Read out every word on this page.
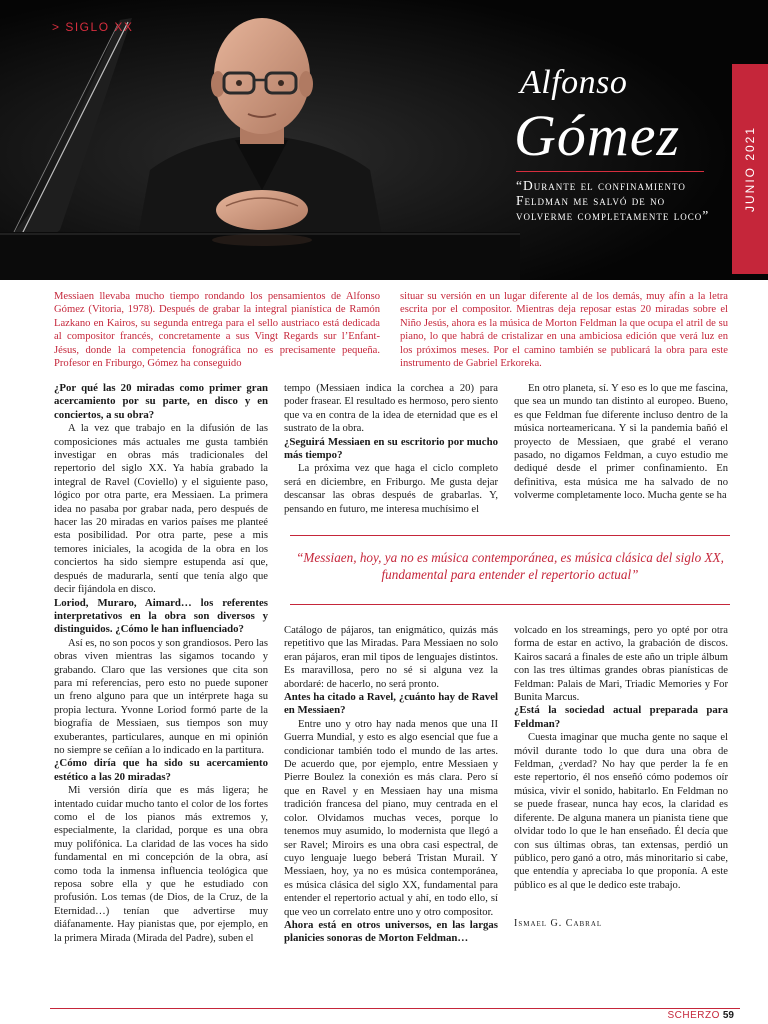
> SIGLO XX
Alfonso
Gómez
“Durante el confinamiento Feldman me salvó de no volverme completamente loco”
JUNIO 2021

Messiaen llevaba mucho tiempo rondando los pensamientos de Alfonso Gómez (Vitoria, 1978). Después de grabar la integral pianística de Ramón Lazkano en Kairos, su segunda entrega para el sello austriaco está dedicada al compositor francés, concretamente a sus Vingt Regards sur l’Enfant-Jésus, donde la competencia fonográfica no es precisamente pequeña. Profesor en Friburgo, Gómez ha conseguido

situar su versión en un lugar diferente al de los demás, muy afín a la letra escrita por el compositor. Mientras deja reposar estas 20 miradas sobre el Niño Jesús, ahora es la música de Morton Feldman la que ocupa el atril de su piano, lo que habrá de cristalizar en una ambiciosa edición que verá luz en los próximos meses. Por el camino también se publicará la obra para este instrumento de Gabriel Erkoreka.

¿Por qué las 20 miradas como primer gran acercamiento por su parte, en disco y en conciertos, a su obra?

A la vez que trabajo en la difusión de las composiciones más actuales me gusta también investigar en obras más tradicionales del repertorio del siglo XX. Ya había grabado la integral de Ravel (Coviello) y el siguiente paso, lógico por otra parte, era Messiaen. La primera idea no pasaba por grabar nada, pero después de hacer las 20 miradas en varios países me planteé esta posibilidad. Por otra parte, pese a mis temores iniciales, la acogida de la obra en los conciertos ha sido siempre estupenda así que, después de madurarla, sentí que tenía algo que decir fijándola en disco.

Loriod, Muraro, Aimard… los referentes interpretativos en la obra son diversos y distinguidos. ¿Cómo le han influenciado?

Así es, no son pocos y son grandiosos. Pero las obras viven mientras las sigamos tocando y grabando. Claro que las versiones que cita son para mí referencias, pero esto no puede suponer un freno alguno para que un intérprete haga su propia lectura. Yvonne Loriod formó parte de la biografía de Messiaen, sus tiempos son muy exuberantes, particulares, aunque en mi opinión no siempre se ceñían a lo indicado en la partitura.

¿Cómo diría que ha sido su acercamiento estético a las 20 miradas?

Mi versión diría que es más ligera; he intentado cuidar mucho tanto el color de los fortes como el de los pianos más extremos y, especialmente, la claridad, porque es una obra muy polifónica. La claridad de las voces ha sido fundamental en mi concepción de la obra, así como toda la inmensa influencia teológica que reposa sobre ella y que he estudiado con profusión. Los temas (de Dios, de la Cruz, de la Eternidad…) tenían que advertirse muy diáfanamente. Hay pianistas que, por ejemplo, en la primera Mirada (Mirada del Padre), suben el

tempo (Messiaen indica la corchea a 20) para poder frasear. El resultado es hermoso, pero siento que va en contra de la idea de eternidad que es el sustrato de la obra.

¿Seguirá Messiaen en su escritorio por mucho más tiempo?

La próxima vez que haga el ciclo completo será en diciembre, en Friburgo. Me gusta dejar descansar las obras después de grabarlas. Y, pensando en futuro, me interesa muchísimo el

En otro planeta, sí. Y eso es lo que me fascina, que sea un mundo tan distinto al europeo. Bueno, es que Feldman fue diferente incluso dentro de la música norteamericana. Y si la pandemia bañó el proyecto de Messiaen, que grabé el verano pasado, no digamos Feldman, a cuyo estudio me dediqué desde el primer confinamiento. En definitiva, esta música me ha salvado de no volverme completamente loco. Mucha gente se ha

“Messiaen, hoy, ya no es música contemporánea, es música clásica del siglo XX, fundamental para entender el repertorio actual”

Catálogo de pájaros, tan enigmático, quizás más repetitivo que las Miradas. Para Messiaen no solo eran pájaros, eran mil tipos de lenguajes distintos. Es maravillosa, pero no sé si alguna vez la abordaré: de hacerlo, no será pronto.

Antes ha citado a Ravel, ¿cuánto hay de Ravel en Messiaen?

Entre uno y otro hay nada menos que una II Guerra Mundial, y esto es algo esencial que fue a condicionar también todo el mundo de las artes. De acuerdo que, por ejemplo, entre Messiaen y Pierre Boulez la conexión es más clara. Pero sí que en Ravel y en Messiaen hay una misma tradición francesa del piano, muy centrada en el color. Olvidamos muchas veces, porque lo tenemos muy asumido, lo modernista que llegó a ser Ravel; Miroirs es una obra casi espectral, de cuyo lenguaje luego beberá Tristan Murail. Y Messiaen, hoy, ya no es música contemporánea, es música clásica del siglo XX, fundamental para entender el repertorio actual y ahí, en todo ello, sí que veo un correlato entre uno y otro compositor.

Ahora está en otros universos, en las largas planicies sonoras de Morton Feldman…

volcado en los streamings, pero yo opté por otra forma de estar en activo, la grabación de discos. Kairos sacará a finales de este año un triple álbum con las tres últimas grandes obras pianísticas de Feldman: Palais de Mari, Triadic Memories y For Bunita Marcus.

¿Está la sociedad actual preparada para Feldman?

Cuesta imaginar que mucha gente no saque el móvil durante todo lo que dura una obra de Feldman, ¿verdad? No hay que perder la fe en este repertorio, él nos enseñó cómo podemos oír música, vivir el sonido, habitarlo. En Feldman no se puede frasear, nunca hay ecos, la claridad es diferente. De alguna manera un pianista tiene que olvidar todo lo que le han enseñado. Él decía que con sus últimas obras, tan extensas, perdió un público, pero ganó a otro, más minoritario si cabe, que entendía y apreciaba lo que proponía. A este público es al que le dedico este trabajo.

Ismael G. Cabral
SCHERZO 59
